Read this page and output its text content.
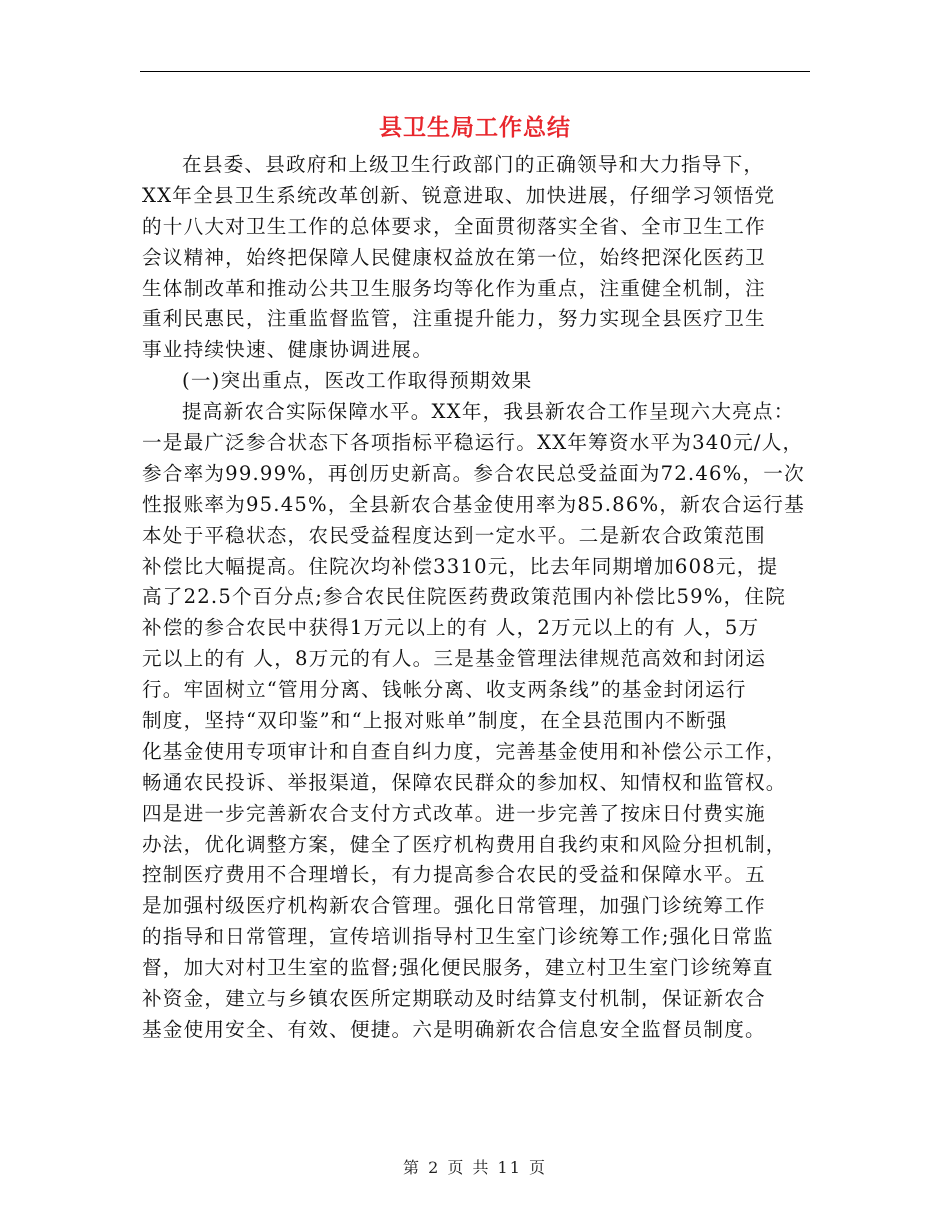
县卫生局工作总结
在县委、县政府和上级卫生行政部门的正确领导和大力指导下，
XX年全县卫生系统改革创新、锐意进取、加快进展，仔细学习领悟党
的十八大对卫生工作的总体要求，全面贯彻落实全省、全市卫生工作
会议精神，始终把保障人民健康权益放在第一位，始终把深化医药卫
生体制改革和推动公共卫生服务均等化作为重点，注重健全机制，注
重利民惠民，注重监督监管，注重提升能力，努力实现全县医疗卫生
事业持续快速、健康协调进展。
(一)突出重点，医改工作取得预期效果
提高新农合实际保障水平。XX年，我县新农合工作呈现六大亮点：
一是最广泛参合状态下各项指标平稳运行。XX年筹资水平为340元/人，
参合率为99.99%，再创历史新高。参合农民总受益面为72.46%，一次
性报账率为95.45%，全县新农合基金使用率为85.86%，新农合运行基
本处于平稳状态，农民受益程度达到一定水平。二是新农合政策范围
补偿比大幅提高。住院次均补偿3310元，比去年同期增加608元，提
高了22.5个百分点;参合农民住院医药费政策范围内补偿比59%，住院
补偿的参合农民中获得1万元以上的有 人，2万元以上的有 人，5万
元以上的有 人，8万元的有人。三是基金管理法律规范高效和封闭运
行。牢固树立“管用分离、钱帐分离、收支两条线”的基金封闭运行
制度，坚持“双印鉴”和“上报对账单”制度，在全县范围内不断强
化基金使用专项审计和自查自纠力度，完善基金使用和补偿公示工作，
畅通农民投诉、举报渠道，保障农民群众的参加权、知情权和监管权。
四是进一步完善新农合支付方式改革。进一步完善了按床日付费实施
办法，优化调整方案，健全了医疗机构费用自我约束和风险分担机制，
控制医疗费用不合理增长，有力提高参合农民的受益和保障水平。五
是加强村级医疗机构新农合管理。强化日常管理，加强门诊统筹工作
的指导和日常管理，宣传培训指导村卫生室门诊统筹工作;强化日常监
督，加大对村卫生室的监督;强化便民服务，建立村卫生室门诊统筹直
补资金，建立与乡镇农医所定期联动及时结算支付机制，保证新农合
基金使用安全、有效、便捷。六是明确新农合信息安全监督员制度。
第 2 页 共 11 页
